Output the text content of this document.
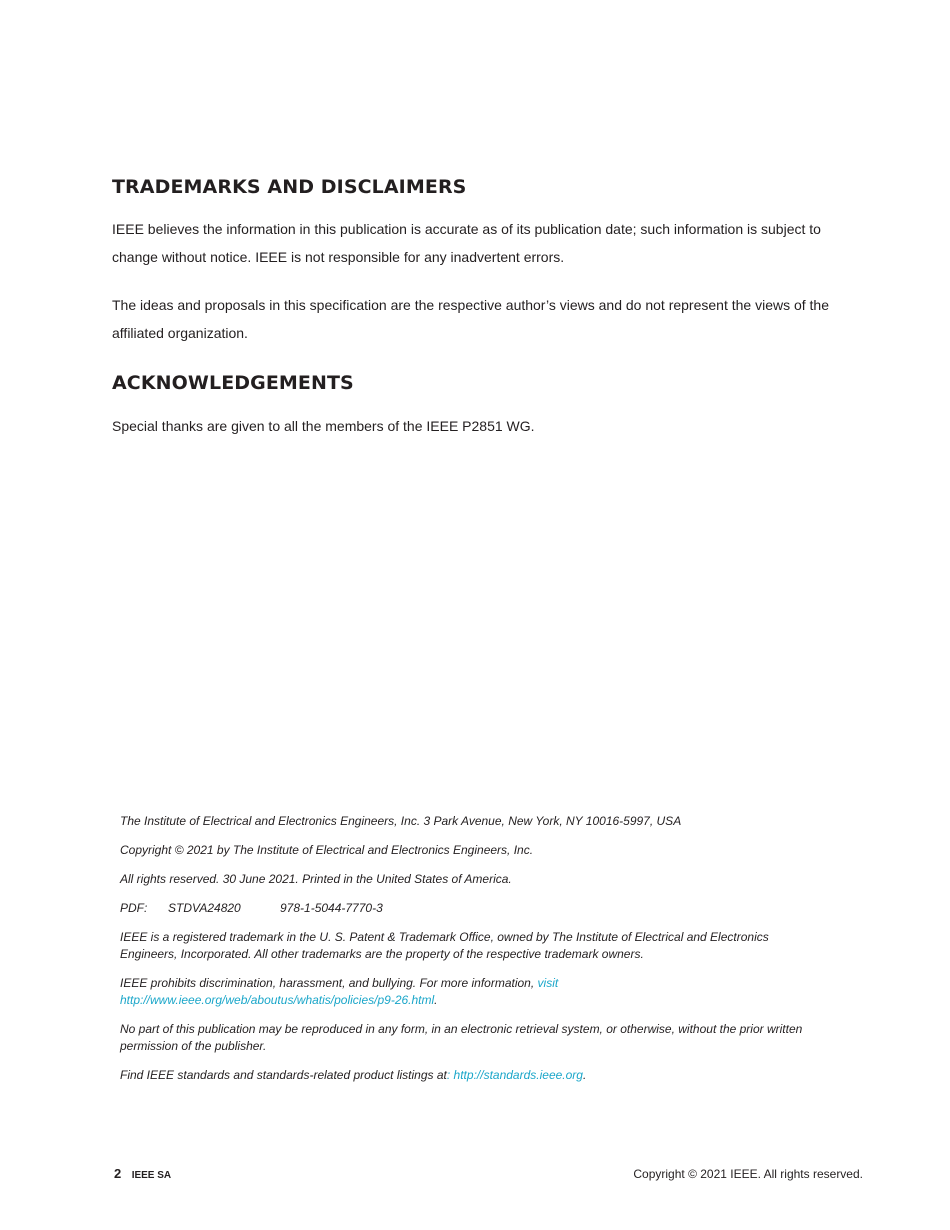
TRADEMARKS AND DISCLAIMERS

IEEE believes the information in this publication is accurate as of its publication date; such information is subject to change without notice. IEEE is not responsible for any inadvertent errors.

The ideas and proposals in this specification are the respective author’s views and do not represent the views of the affiliated organization.

ACKNOWLEDGEMENTS

Special thanks are given to all the members of the IEEE P2851 WG.

The Institute of Electrical and Electronics Engineers, Inc. 3 Park Avenue, New York, NY 10016-5997, USA

Copyright © 2021 by The Institute of Electrical and Electronics Engineers, Inc.

All rights reserved. 30 June 2021. Printed in the United States of America.

PDF: STDVA24820	978-1-5044-7770-3

IEEE is a registered trademark in the U. S. Patent & Trademark Office, owned by The Institute of Electrical and Electronics Engineers, Incorporated. All other trademarks are the property of the respective trademark owners.

IEEE prohibits discrimination, harassment, and bullying. For more information, visit
http://www.ieee.org/web/aboutus/whatis/policies/p9-26.html.

No part of this publication may be reproduced in any form, in an electronic retrieval system, or otherwise, without the prior written permission of the publisher.

Find IEEE standards and standards-related product listings at: http://standards.ieee.org.

2 IEEE SA	Copyright © 2021 IEEE. All rights reserved.
